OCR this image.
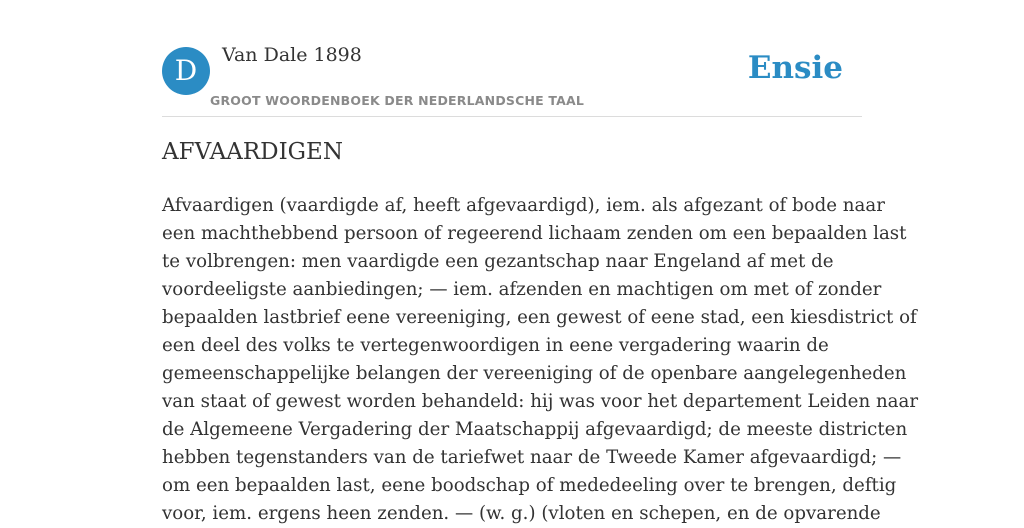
D	Van Dale 1898
GROOT WOORDENBOEK DER NEDERLANDSCHE TAAL
Ensie
AFVAARDIGEN
Afvaardigen (vaardigde af, heeft afgevaardigd), iem. als afgezant of bode naar
een machthebbend persoon of regeerend lichaam zenden om een bepaalden last
te volbrengen: men vaardigde een gezantschap naar Engeland af met de
voordeeligste aanbiedingen; — iem. afzenden en machtigen om met of zonder
bepaalden lastbrief eene vereeniging, een gewest of eene stad, een kiesdistrict of
een deel des volks te vertegenwoordigen in eene vergadering waarin de
gemeenschappelijke belangen der vereeniging of de openbare aangelegenheden
van staat of gewest worden behandeld: hij was voor het departement Leiden naar
de Algemeene Vergadering der Maatschappij afgevaardigd; de meeste districten
hebben tegenstanders van de tariefwet naar de Tweede Kamer afgevaardigd; —
om een bepaalden last, eene boodschap of mededeeling over te brengen, deftig
voor, iem. ergens heen zenden. — (w. g.) (vloten en schepen, en de opvarende
